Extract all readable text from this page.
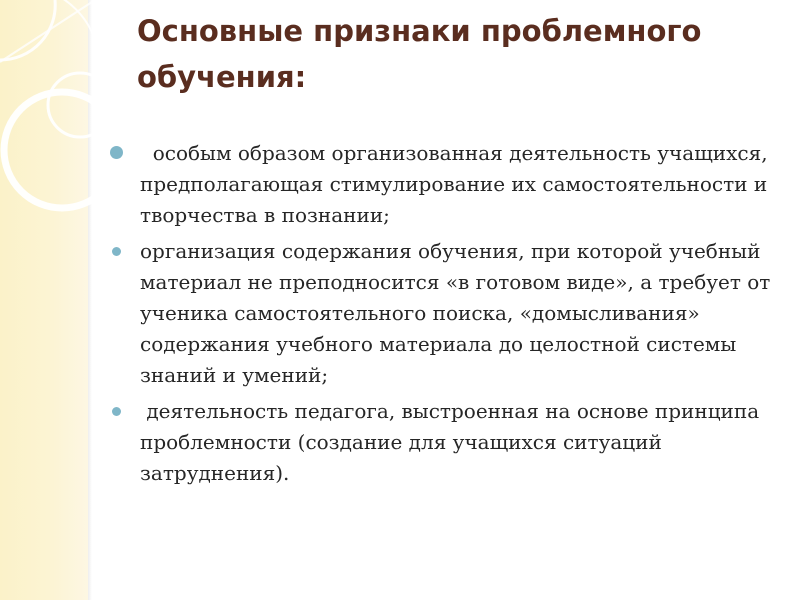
Основные признаки проблемного обучения:
особым образом организованная деятельность учащихся, предполагающая стимулирование их самостоятельности и творчества в познании;
организация содержания обучения, при которой учебный материал не преподносится «в готовом виде», а требует от ученика самостоятельного поиска, «домысливания» содержания учебного материала до целостной системы знаний и умений;
деятельность педагога, выстроенная на основе принципа проблемности (создание для учащихся ситуаций затруднения).
